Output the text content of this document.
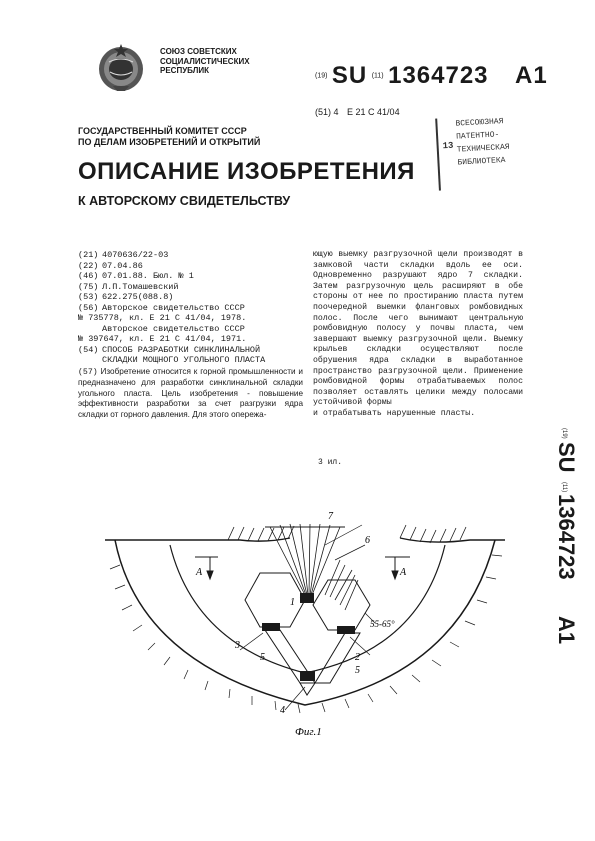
СОЮЗ СОВЕТСКИХ
СОЦИАЛИСТИЧЕСКИХ
РЕСПУБЛИК
(19) SU (11) 1364723 A1
(51) 4 Е 21 С 41/04
ГОСУДАРСТВЕННЫЙ КОМИТЕТ СССР
ПО ДЕЛАМ ИЗОБРЕТЕНИЙ И ОТКРЫТИЙ	13
ВСЕСОЮЗНАЯ
ПАТЕНТНО-
ТЕХНИЧЕСКАЯ
БИБЛИОТЕКА
ОПИСАНИЕ ИЗОБРЕТЕНИЯ
К АВТОРСКОМУ СВИДЕТЕЛЬСТВУ
(21) 4070636/22-03
(22) 07.04.86
(46) 07.01.88. Бюл. № 1
(75) Л.П.Томашевский
(53) 622.275(088.8)
(56) Авторское свидетельство СССР
№ 735778, кл. Е 21 С 41/04, 1978.
Авторское свидетельство СССР
№ 397647, кл. Е 21 С 41/04, 1971.
(54) СПОСОБ РАЗРАБОТКИ СИНКЛИНАЛЬНОЙ
СКЛАДКИ МОЩНОГО УГОЛЬНОГО ПЛАСТА
(57) Изобретение относится к горной промышленности и предназначено для разработки синклинальной складки угольного пласта. Цель изобретения - повышение эффективности разработки за счет разгрузки ядра складки от горного давления. Для этого опережа-
ющую выемку разгрузочной щели производят в замковой части складки вдоль ее оси. Одновременно разрушают ядро 7 складки. Затем разгрузочную щель расширяют в обе стороны от нее по простиранию пласта путем поочередной выемки фланговых ромбовидных полос. После чего вынимают центральную ромбовидную полосу у почвы пласта, чем завершают выемку разгрузочной щели. Выемку крыльев складки осуществляют после обрушения ядра складки в выработанное пространство разгрузочной щели. Применение ромбовидной формы отрабатываемых полос позволяет оставлять целики между полосами устойчивой формы
и отрабатывать нарушенные пласты.
3 ил.
(19)
SU
(11)
1364723
A1
7
6
1
3
5	2
5
4
А	А
55-65°
Фиг.1
